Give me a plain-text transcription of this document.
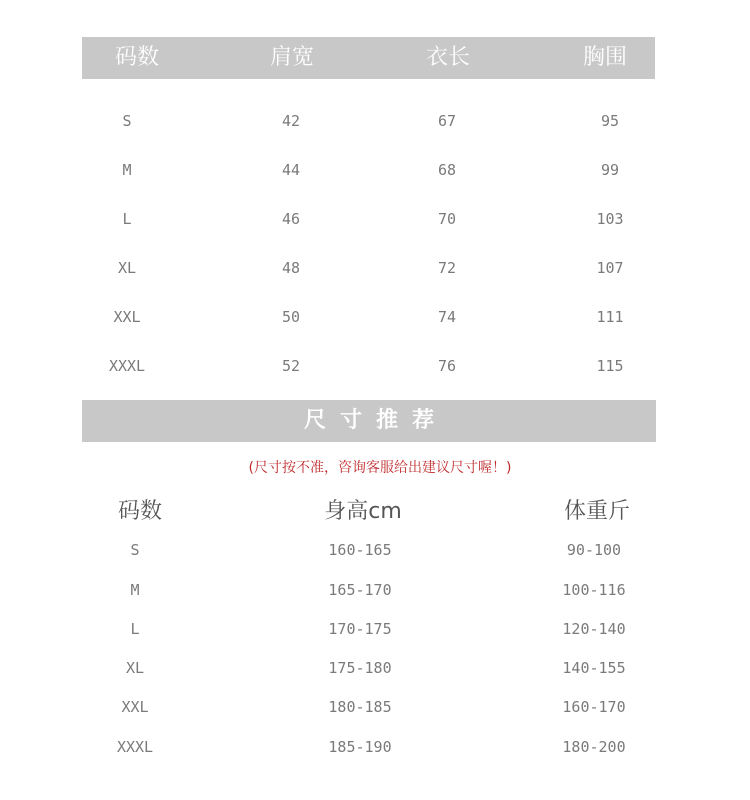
码数	肩宽	衣长	胸围
S	42	67	95
M	44	68	99
L	46	70	103
XL	48	72	107
XXL	50	74	111
XXXL	52	76	115
尺寸推荐
(尺寸按不准，咨询客服给出建议尺寸喔！)
码数	身高cm	体重斤
S	160-165	90-100
M	165-170	100-116
L	170-175	120-140
XL	175-180	140-155
XXL	180-185	160-170
XXXL	185-190	180-200
